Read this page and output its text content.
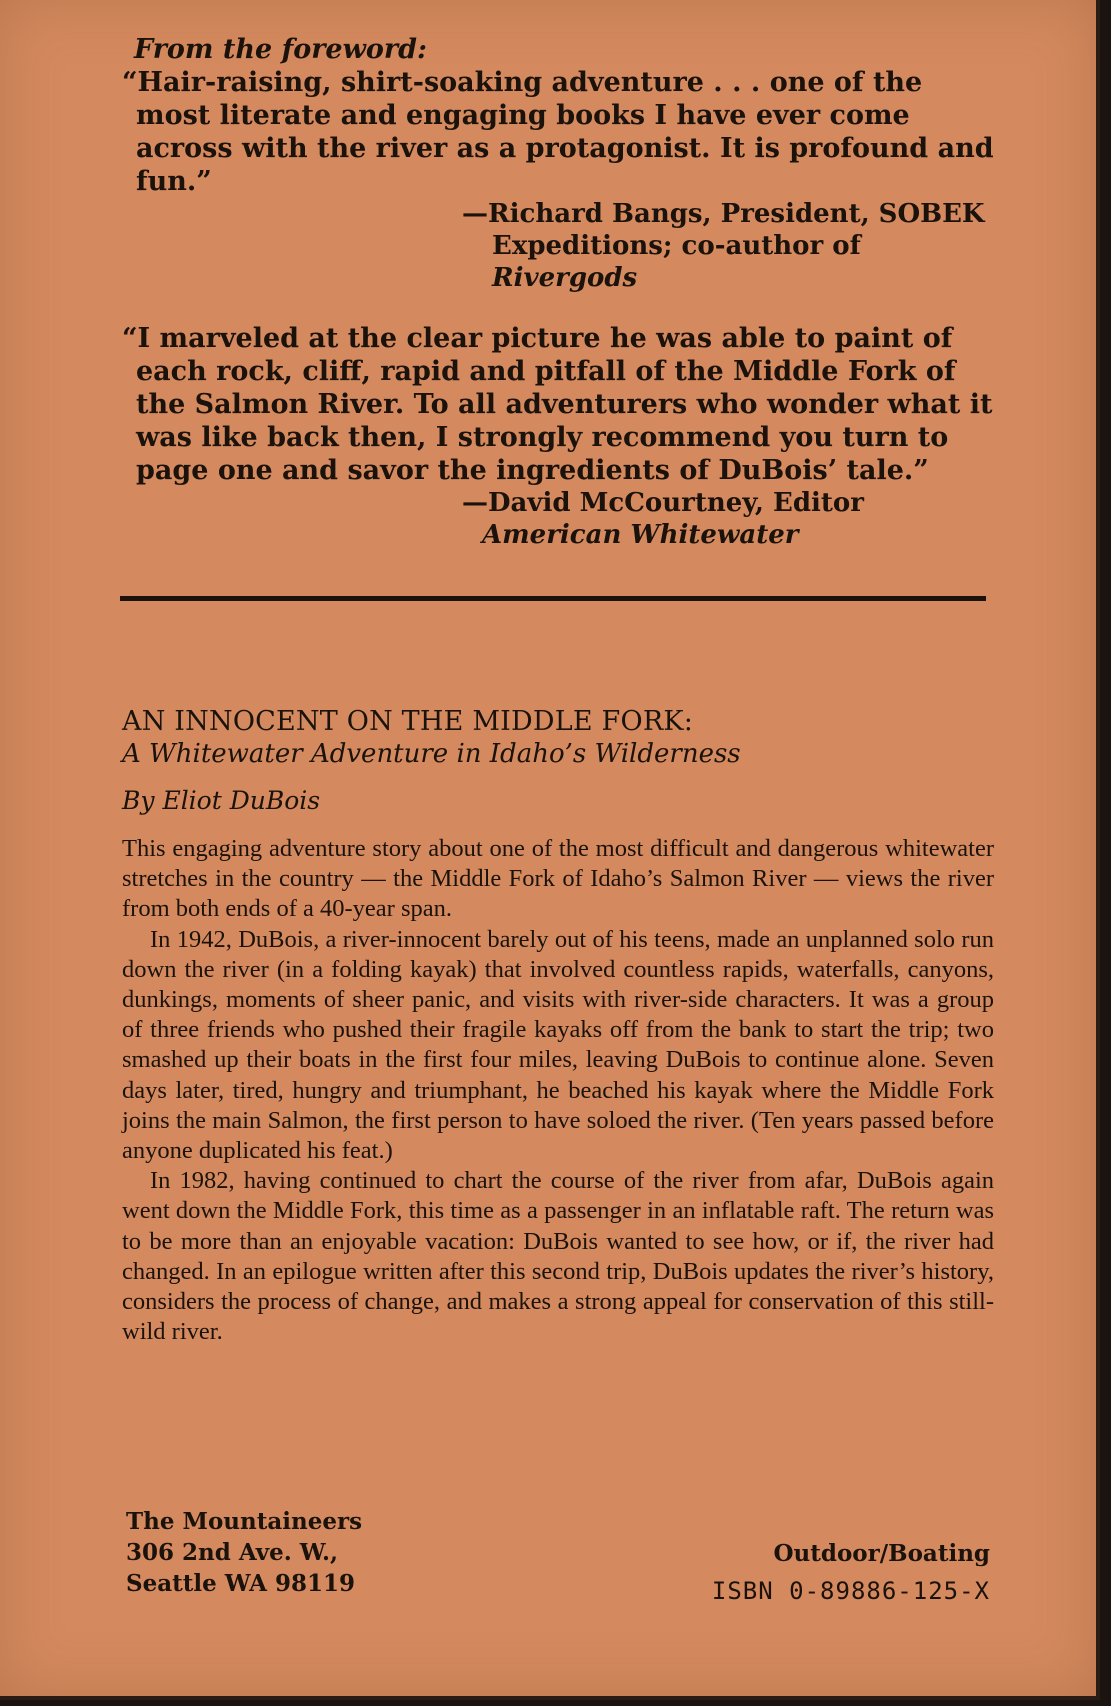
From the foreword:
“Hair-raising, shirt-soaking adventure . . . one of the most literate and engaging books I have ever come across with the river as a protagonist. It is profound and fun.”
—Richard Bangs, President, SOBEK
Expeditions; co-author of Rivergods
“I marveled at the clear picture he was able to paint of each rock, cliff, rapid and pitfall of the Middle Fork of the Salmon River. To all adventurers who wonder what it was like back then, I strongly recommend you turn to page one and savor the ingredients of DuBois’ tale.”
—David McCourtney, Editor
American Whitewater
AN INNOCENT ON THE MIDDLE FORK:
A Whitewater Adventure in Idaho’s Wilderness
By Eliot DuBois

This engaging adventure story about one of the most difficult and dangerous whitewater stretches in the country — the Middle Fork of Idaho’s Salmon River — views the river from both ends of a 40-year span.

In 1942, DuBois, a river-innocent barely out of his teens, made an unplanned solo run down the river (in a folding kayak) that involved countless rapids, waterfalls, canyons, dunkings, moments of sheer panic, and visits with river-side characters. It was a group of three friends who pushed their fragile kayaks off from the bank to start the trip; two smashed up their boats in the first four miles, leaving DuBois to continue alone. Seven days later, tired, hungry and triumphant, he beached his kayak where the Middle Fork joins the main Salmon, the first person to have soloed the river. (Ten years passed before anyone duplicated his feat.)

In 1982, having continued to chart the course of the river from afar, DuBois again went down the Middle Fork, this time as a passenger in an inflatable raft. The return was to be more than an enjoyable vacation: DuBois wanted to see how, or if, the river had changed. In an epilogue written after this second trip, DuBois updates the river’s history, considers the process of change, and makes a strong appeal for conservation of this still-wild river.

The Mountaineers
306 2nd Ave. W.,
Seattle WA 98119
Outdoor/Boating
ISBN 0-89886-125-X
